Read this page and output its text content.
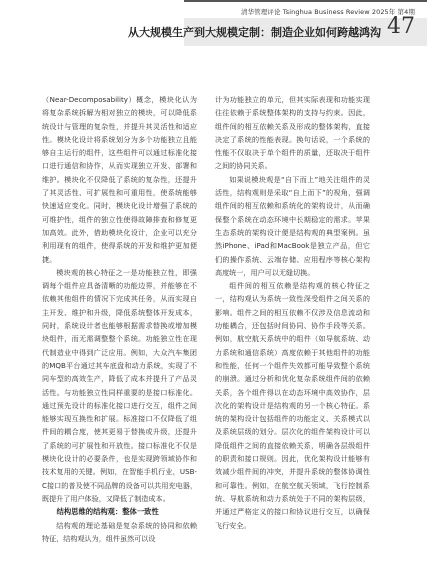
清华管理评论 Tsinghua Business Review 2025年 第4期
从大规模生产到大规模定制：制造企业如何跨越鸿沟 47

（Near-Decomposability）概念，模块化认为将复杂系统拆解为相对独立的模块，可以降低系统设计与管理的复杂性，并提升其灵活性和适应性。模块化设计将系统划分为多个功能独立且能够自主运行的组件，这些组件可以通过标准化接口进行通信和协作，从而实现独立开发、部署和维护。模块化不仅降低了系统的复杂性，还提升了其灵活性、可扩展性和可重用性，使系统能够快速适应变化。同时，模块化设计增强了系统的可维护性，组件的独立性使得故障排查和修复更加高效。此外，借助模块化设计，企业可以充分利用现有的组件，使得系统的开发和维护更加便捷。

模块观的核心特征之一是功能独立性，即强调每个组件应具备清晰的功能边界，并能够在不依赖其他组件的情况下完成其任务，从而实现自主开发、维护和升级，降低系统整体开发成本，同时，系统设计者也能够根据需求替换或增加模块组件，而无需调整整个系统。功能独立性在现代制造业中得到广泛应用。例如，大众汽车集团的MQB平台通过其车底盘和动力系统，实现了不同车型的高效生产，降低了成本并提升了产品灵活性。与功能独立性同样重要的是接口标准化。通过预先设计的标准化接口进行交互，组件之间能够实现互换性和扩展。标准接口不仅降低了组件间的耦合度，使其更易于替换或升级，还提升了系统的可扩展性和开放性。接口标准化不仅是模块化设计的必要条件，也是实现跨领域协作和技术复用的关键。例如，在智能手机行业，USB-C接口的普及使不同品牌的设备可以共用充电器，既提升了用户体验，又降低了制造成本。

结构思维的结构观：整体一致性

结构观的理论基础是复杂系统的协同和依赖特征，结构观认为，组件虽然可以设

计为功能独立的单元，但其实际表现和功能实现往往依赖于系统整体架构的支持与约束。因此，组件间的相互依赖关系及形成的整体架构，直接决定了系统的性能表现。换句话说，一个系统的性能不仅取决于单个组件的质量，还取决于组件之间的协同关系。

如果说模块观是“自下而上”地关注组件的灵活性，结构观则是采取“自上而下”的视角，强调组件间的相互依赖和系统化的架构设计，从而确保整个系统在动态环境中长期稳定的需求。苹果生态系统的架构设计便是结构观的典型案例。虽然iPhone、iPad和MacBook是独立产品，但它们的操作系统、云端存储、应用程序等核心架构高度统一，用户可以无缝切换。

组件间的相互依赖是结构观的核心特征之一，结构观认为系统一致性深受组件之间关系的影响。组件之间的相互依赖不仅涉及信息流动和功能耦合，还包括时间协同、协作手段等关系。例如，航空航天系统中的组件（如导航系统、动力系统和通信系统）高度依赖于其他组件的功能和性能，任何一个组件失效都可能导致整个系统的崩溃。通过分析和优化复杂系统组件间的依赖关系，各个组件得以在动态环境中高效协作，层次化的架构设计是结构观的另一个核心特征。系统的架构设计包括组件的功能定义、关系模式以及系统层级的划分。层次化的组件架构设计可以降低组件之间的直接依赖关系，明确各层级组件的职责和接口规则。因此，优化架构设计能够有效减少组件间的冲突，并提升系统的整体协调性和可靠性。例如，在航空航天领域，飞行控制系统、导航系统和动力系统处于不同的架构层级，并通过严格定义的接口和协议进行交互，以确保飞行安全。
